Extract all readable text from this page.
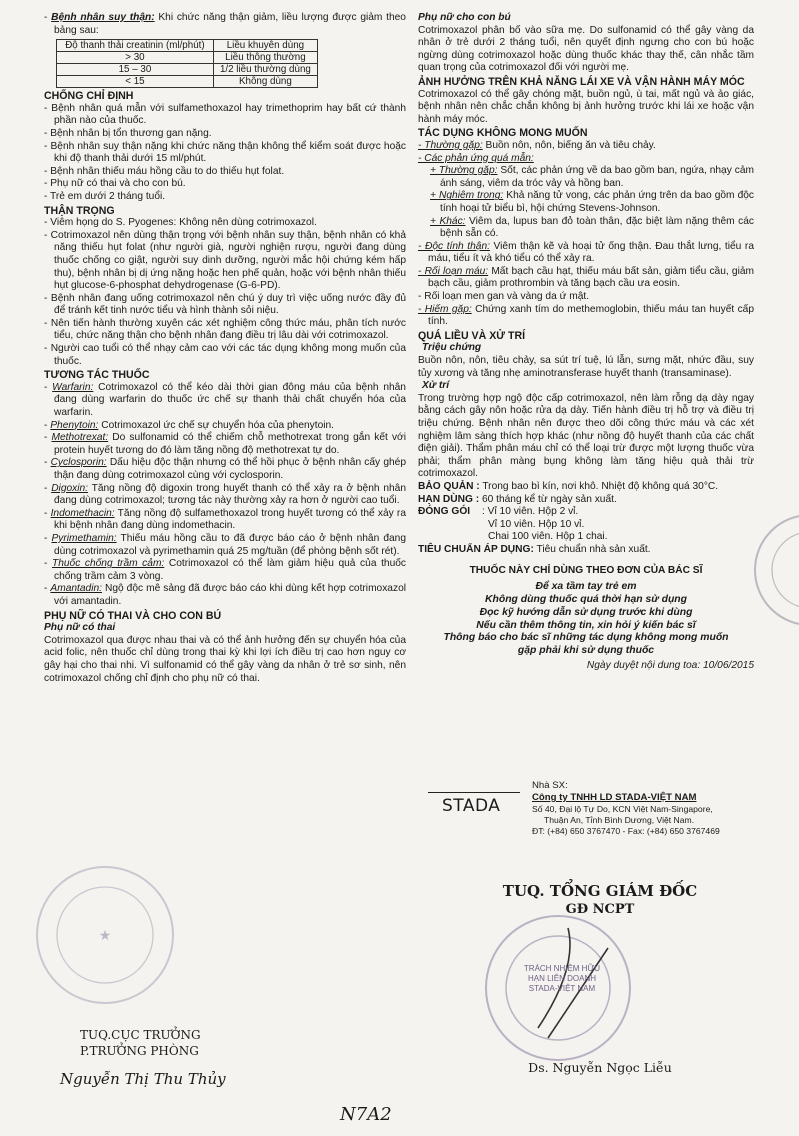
- Bệnh nhân suy thận: Khi chức năng thận giảm, liều lượng được giảm theo bảng sau:

Độ thanh thải creatinin (ml/phút)	Liều khuyên dùng
> 30	Liều thông thường
15 – 30	1/2 liều thường dùng
< 15	Không dùng
CHỐNG CHỈ ĐỊNH

- Bệnh nhân quá mẫn với sulfamethoxazol hay trimethoprim hay bất cứ thành phần nào của thuốc.

- Bệnh nhân bị tổn thương gan nặng.

- Bệnh nhân suy thận nặng khi chức năng thận không thể kiểm soát được hoặc khi độ thanh thải dưới 15 ml/phút.

- Bệnh nhân thiếu máu hồng cầu to do thiếu hụt folat.

- Phụ nữ có thai và cho con bú.

- Trẻ em dưới 2 tháng tuổi.

THẬN TRỌNG

- Viêm họng do S. Pyogenes: Không nên dùng cotrimoxazol.

- Cotrimoxazol nên dùng thận trọng với bệnh nhân suy thận, bệnh nhân có khả năng thiếu hụt folat (như người già, người nghiện rượu, người đang dùng thuốc chống co giật, người suy dinh dưỡng, người mắc hội chứng kém hấp thu), bệnh nhân bị dị ứng nặng hoặc hen phế quản, hoặc với bệnh nhân thiếu hụt glucose-6-phosphat dehydrogenase (G-6-PD).

- Bệnh nhân đang uống cotrimoxazol nên chú ý duy trì việc uống nước đầy đủ để tránh kết tinh nước tiểu và hình thành sỏi niệu.

- Nên tiến hành thường xuyên các xét nghiệm công thức máu, phân tích nước tiểu, chức năng thận cho bệnh nhân đang điều trị lâu dài với cotrimoxazol.

- Người cao tuổi có thể nhạy cảm cao với các tác dụng không mong muốn của thuốc.

TƯƠNG TÁC THUỐC

- Warfarin: Cotrimoxazol có thể kéo dài thời gian đông máu của bệnh nhân đang dùng warfarin do thuốc ức chế sự thanh thải chất chuyển hóa của warfarin.

- Phenytoin: Cotrimoxazol ức chế sự chuyển hóa của phenytoin.

- Methotrexat: Do sulfonamid có thể chiếm chỗ methotrexat trong gắn kết với protein huyết tương do đó làm tăng nồng độ methotrexat tự do.

- Cyclosporin: Dấu hiệu độc thận nhưng có thể hồi phục ở bệnh nhân cấy ghép thận đang dùng cotrimoxazol cùng với cyclosporin.

- Digoxin: Tăng nồng độ digoxin trong huyết thanh có thể xảy ra ở bệnh nhân đang dùng cotrimoxazol; tương tác này thường xảy ra hơn ở người cao tuổi.

- Indomethacin: Tăng nồng độ sulfamethoxazol trong huyết tương có thể xảy ra khi bệnh nhân đang dùng indomethacin.

- Pyrimethamin: Thiếu máu hồng cầu to đã được báo cáo ở bệnh nhân đang dùng cotrimoxazol và pyrimethamin quá 25 mg/tuần (để phòng bệnh sốt rét).

- Thuốc chống trầm cảm: Cotrimoxazol có thể làm giảm hiệu quả của thuốc chống trầm cảm 3 vòng.

- Amantadin: Ngộ độc mê sảng đã được báo cáo khi dùng kết hợp cotrimoxazol với amantadin.

PHỤ NỮ CÓ THAI VÀ CHO CON BÚ
Phụ nữ có thai

Cotrimoxazol qua được nhau thai và có thể ảnh hưởng đến sự chuyển hóa của acid folic, nên thuốc chỉ dùng trong thai kỳ khi lợi ích điều trị cao hơn nguy cơ gây hại cho thai nhi. Vì sulfonamid có thể gây vàng da nhân ở trẻ sơ sinh, nên cotrimoxazol chống chỉ định cho phụ nữ có thai.

Phụ nữ cho con bú

Cotrimoxazol phân bố vào sữa mẹ. Do sulfonamid có thể gây vàng da nhân ở trẻ dưới 2 tháng tuổi, nên quyết định ngưng cho con bú hoặc ngừng dùng cotrimoxazol hoặc dùng thuốc khác thay thế, cân nhắc tầm quan trọng của cotrimoxazol đối với người mẹ.

ẢNH HƯỞNG TRÊN KHẢ NĂNG LÁI XE VÀ VẬN HÀNH MÁY MÓC

Cotrimoxazol có thể gây chóng mặt, buồn ngủ, ù tai, mất ngủ và ảo giác, bệnh nhân nên chắc chắn không bị ảnh hưởng trước khi lái xe hoặc vận hành máy móc.

TÁC DỤNG KHÔNG MONG MUỐN

- Thường gặp: Buồn nôn, nôn, biếng ăn và tiêu chảy.

- Các phản ứng quá mẫn:

+ Thường gặp: Sốt, các phản ứng về da bao gồm ban, ngứa, nhạy cảm ánh sáng, viêm da tróc vảy và hồng ban.

+ Nghiêm trọng: Khả năng tử vong, các phản ứng trên da bao gồm độc tính hoại tử biểu bì, hội chứng Stevens-Johnson.

+ Khác: Viêm da, lupus ban đỏ toàn thân, đặc biệt làm nặng thêm các bệnh sẵn có.

- Độc tính thận: Viêm thận kẽ và hoại tử ống thận. Đau thắt lưng, tiểu ra máu, tiểu ít và khó tiểu có thể xảy ra.

- Rối loạn máu: Mất bạch cầu hạt, thiếu máu bất sản, giảm tiểu cầu, giảm bạch cầu, giảm prothrombin và tăng bạch cầu ưa eosin.

- Rối loạn men gan và vàng da ứ mật.

- Hiếm gặp: Chứng xanh tím do methemoglobin, thiếu máu tan huyết cấp tính.

QUÁ LIỀU VÀ XỬ TRÍ
Triệu chứng

Buồn nôn, nôn, tiêu chảy, sa sút trí tuệ, lú lẫn, sưng mặt, nhức đầu, suy tủy xương và tăng nhẹ aminotransferase huyết thanh (transaminase).

Xử trí

Trong trường hợp ngộ độc cấp cotrimoxazol, nên làm rỗng dạ dày ngay bằng cách gây nôn hoặc rửa dạ dày. Tiến hành điều trị hỗ trợ và điều trị triệu chứng. Bệnh nhân nên được theo dõi công thức máu và các xét nghiệm lâm sàng thích hợp khác (như nồng độ huyết thanh của các chất điện giải). Thẩm phân máu chỉ có thể loại trừ được một lượng thuốc vừa phải; thẩm phân màng bụng không làm tăng hiệu quả thải trừ cotrimoxazol.

BẢO QUẢN : Trong bao bì kín, nơi khô. Nhiệt độ không quá 30°C.

HẠN DÙNG : 60 tháng kể từ ngày sản xuất.

ĐÓNG GÓI	: Vỉ 10 viên. Hộp 2 vỉ.
Vỉ 10 viên. Hộp 10 vỉ.
Chai 100 viên. Hộp 1 chai.

TIÊU CHUẨN ÁP DỤNG: Tiêu chuẩn nhà sản xuất.

THUỐC NÀY CHỈ DÙNG THEO ĐƠN CỦA BÁC SĨ
Để xa tầm tay trẻ em
Không dùng thuốc quá thời hạn sử dụng
Đọc kỹ hướng dẫn sử dụng trước khi dùng
Nếu cần thêm thông tin, xin hỏi ý kiến bác sĩ
Thông báo cho bác sĩ những tác dụng không mong muốn gặp phải khi sử dụng thuốc
Ngày duyệt nội dung toa: 10/06/2015
STADA
Nhà SX:
Công ty TNHH LD STADA-VIỆT NAM
Số 40, Đại lộ Tự Do, KCN Việt Nam-Singapore,
Thuận An, Tỉnh Bình Dương, Việt Nam.
ĐT: (+84) 650 3767470 - Fax: (+84) 650 3767469
TUQ. TỔNG GIÁM ĐỐC
GĐ NCPT
TRÁCH NHIỆM HỮU HẠN LIÊN DOANH STADA-VIỆT NAM
Ds. Nguyễn Ngọc Liễu
★
TUQ.CỤC TRƯỞNG
P.TRƯỞNG PHÒNG
Nguyễn Thị Thu Thủy
N7A2
